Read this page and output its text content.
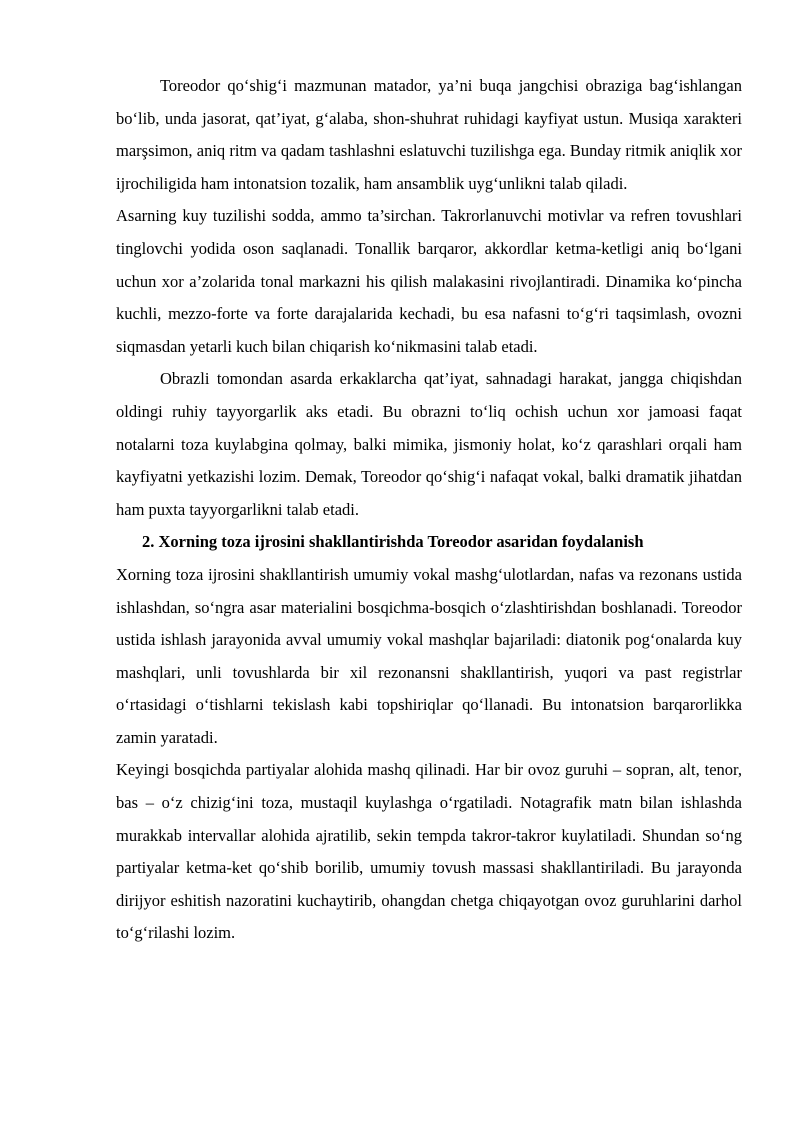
Toreodor qo‘shig‘i mazmunan matador, ya’ni buqa jangchisi obraziga bag‘ishlangan bo‘lib, unda jasorat, qat’iyat, g‘alaba, shon-shuhrat ruhidagi kayfiyat ustun. Musiqa xarakteri marşsimon, aniq ritm va qadam tashlashni eslatuvchi tuzilishga ega. Bunday ritmik aniqlik xor ijrochiligida ham intonatsion tozalik, ham ansamblik uyg‘unlikni talab qiladi.

Asarning kuy tuzilishi sodda, ammo ta’sirchan. Takrorlanuvchi motivlar va refren tovushlari tinglovchi yodida oson saqlanadi. Tonallik barqaror, akkordlar ketma-ketligi aniq bo‘lgani uchun xor a’zolarida tonal markazni his qilish malakasini rivojlantiradi. Dinamika ko‘pincha kuchli, mezzo-forte va forte darajalarida kechadi, bu esa nafasni to‘g‘ri taqsimlash, ovozni siqmasdan yetarli kuch bilan chiqarish ko‘nikmasini talab etadi.

Obrazli tomondan asarda erkaklarcha qat’iyat, sahnadagi harakat, jangga chiqishdan oldingi ruhiy tayyorgarlik aks etadi. Bu obrazni to‘liq ochish uchun xor jamoasi faqat notalarni toza kuylabgina qolmay, balki mimika, jismoniy holat, ko‘z qarashlari orqali ham kayfiyatni yetkazishi lozim. Demak, Toreodor qo‘shig‘i nafaqat vokal, balki dramatik jihatdan ham puxta tayyorgarlikni talab etadi.

2. Xorning toza ijrosini shakllantirishda Toreodor asaridan foydalanish

Xorning toza ijrosini shakllantirish umumiy vokal mashg‘ulotlardan, nafas va rezonans ustida ishlashdan, so‘ngra asar materialini bosqichma-bosqich o‘zlashtirishdan boshlanadi. Toreodor ustida ishlash jarayonida avval umumiy vokal mashqlar bajariladi: diatonik pog‘onalarda kuy mashqlari, unli tovushlarda bir xil rezonansni shakllantirish, yuqori va past registrlar o‘rtasidagi o‘tishlarni tekislash kabi topshiriqlar qo‘llanadi. Bu intonatsion barqarorlikka zamin yaratadi.

Keyingi bosqichda partiyalar alohida mashq qilinadi. Har bir ovoz guruhi – sopran, alt, tenor, bas – o‘z chizig‘ini toza, mustaqil kuylashga o‘rgatiladi. Notagrafik matn bilan ishlashda murakkab intervallar alohida ajratilib, sekin tempda takror-takror kuylatiladi. Shundan so‘ng partiyalar ketma-ket qo‘shib borilib, umumiy tovush massasi shakllantiriladi. Bu jarayonda dirijyor eshitish nazoratini kuchaytirib, ohangdan chetga chiqayotgan ovoz guruhlarini darhol to‘g‘rilashi lozim.
